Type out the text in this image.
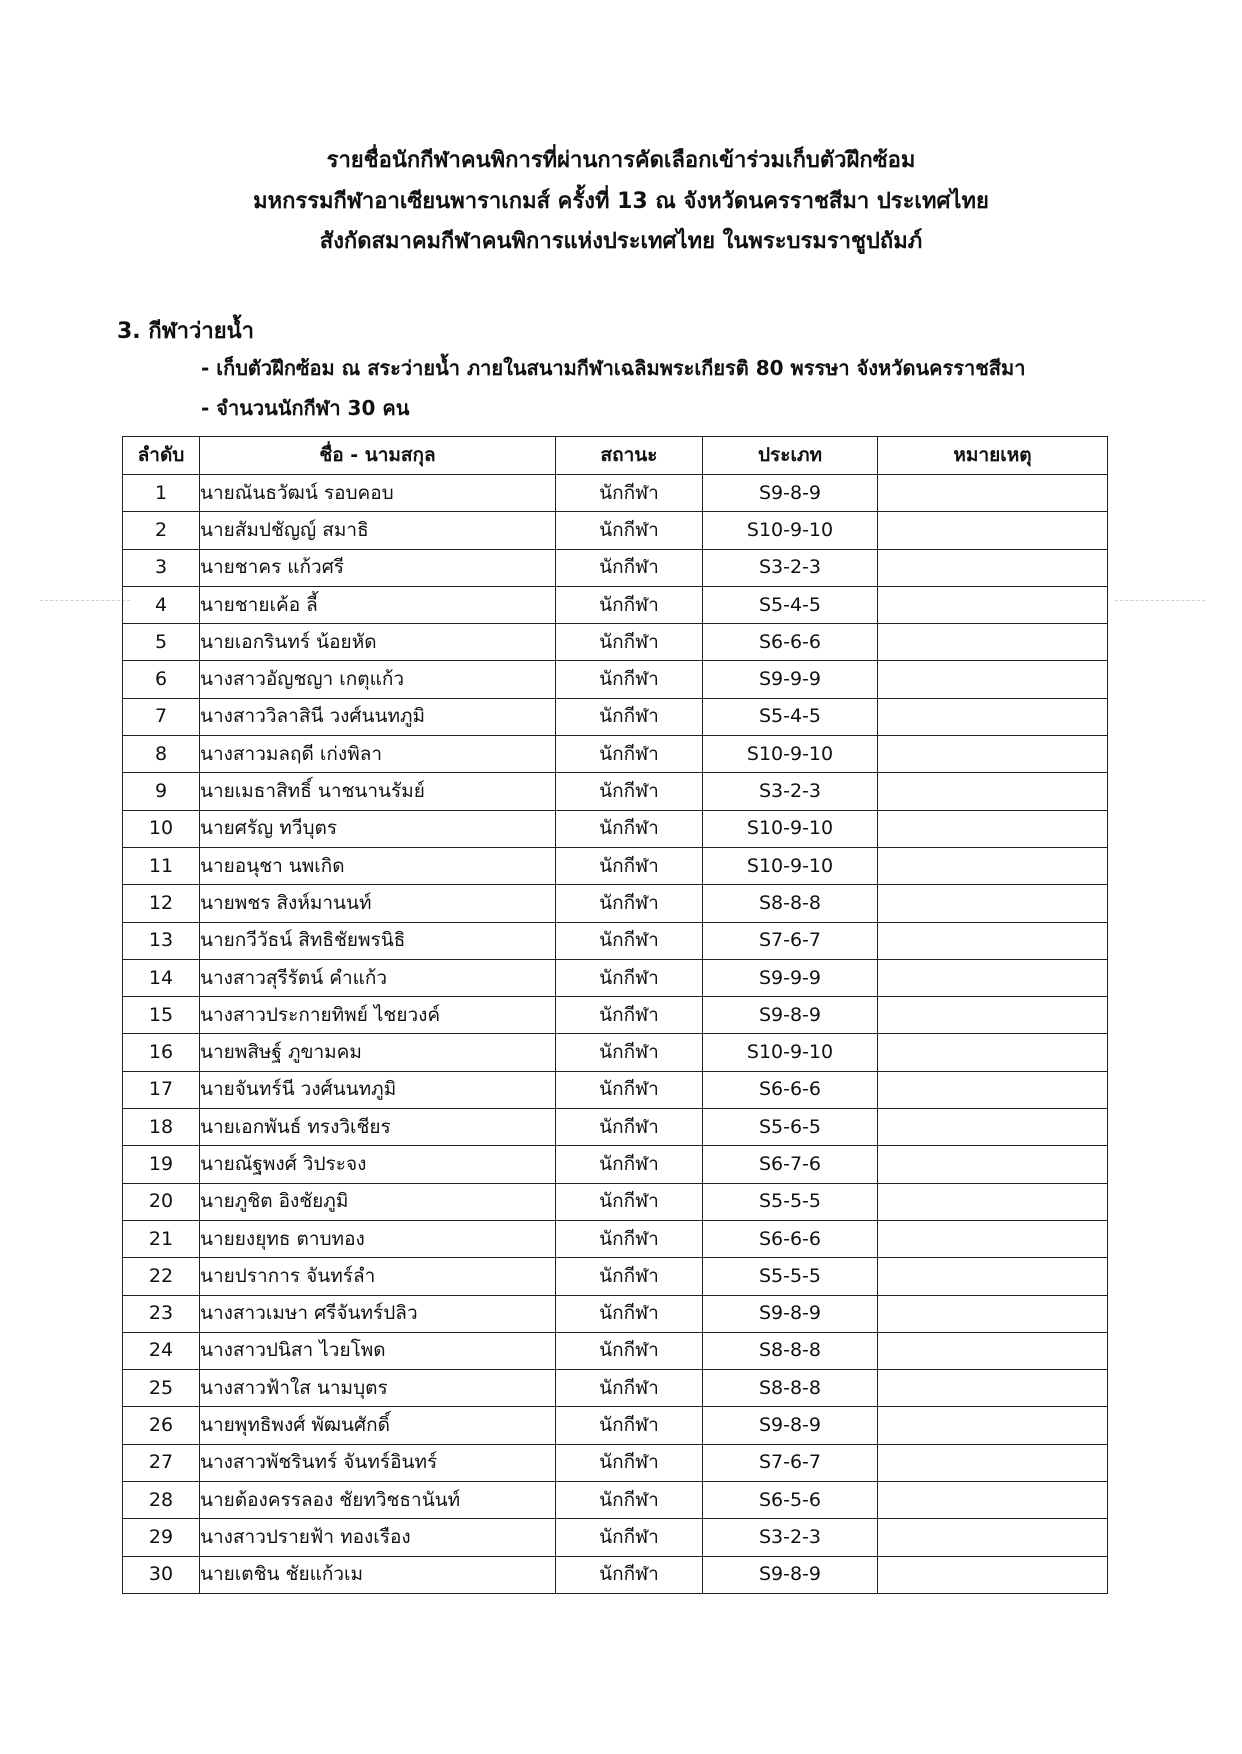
รายชื่อนักกีฬาคนพิการที่ผ่านการคัดเลือกเข้าร่วมเก็บตัวฝึกซ้อม
มหกรรมกีฬาอาเซียนพาราเกมส์ ครั้งที่ 13 ณ จังหวัดนครราชสีมา ประเทศไทย
สังกัดสมาคมกีฬาคนพิการแห่งประเทศไทย ในพระบรมราชูปถัมภ์
3. กีฬาว่ายน้ำ
- เก็บตัวฝึกซ้อม ณ สระว่ายน้ำ ภายในสนามกีฬาเฉลิมพระเกียรติ 80 พรรษา จังหวัดนครราชสีมา
- จำนวนนักกีฬา 30 คน
ลำดับ	ชื่อ - นามสกุล	สถานะ	ประเภท	หมายเหตุ
1	นายณันธวัฒน์ รอบคอบ	นักกีฬา	S9-8-9	
2	นายสัมปชัญญ์ สมาธิ	นักกีฬา	S10-9-10	
3	นายชาคร แก้วศรี	นักกีฬา	S3-2-3	
4	นายชายเค้อ ลี้	นักกีฬา	S5-4-5	
5	นายเอกรินทร์ น้อยหัด	นักกีฬา	S6-6-6	
6	นางสาวอัญชญา เกตุแก้ว	นักกีฬา	S9-9-9	
7	นางสาววิลาสินี วงศ์นนทภูมิ	นักกีฬา	S5-4-5	
8	นางสาวมลฤดี เก่งพิลา	นักกีฬา	S10-9-10	
9	นายเมธาสิทธิ์ นาชนานรัมย์	นักกีฬา	S3-2-3	
10	นายศรัญ ทวีบุตร	นักกีฬา	S10-9-10	
11	นายอนุชา นพเกิด	นักกีฬา	S10-9-10	
12	นายพชร สิงห์มานนท์	นักกีฬา	S8-8-8	
13	นายกวีวัธน์ สิทธิชัยพรนิธิ	นักกีฬา	S7-6-7	
14	นางสาวสุรีรัตน์ คำแก้ว	นักกีฬา	S9-9-9	
15	นางสาวประกายทิพย์ ไชยวงค์	นักกีฬา	S9-8-9	
16	นายพสิษฐ์ ภูขามคม	นักกีฬา	S10-9-10	
17	นายจันทร์นี วงศ์นนทภูมิ	นักกีฬา	S6-6-6	
18	นายเอกพันธ์ ทรงวิเชียร	นักกีฬา	S5-6-5	
19	นายณัฐพงศ์ วิประจง	นักกีฬา	S6-7-6	
20	นายภูชิต อิงชัยภูมิ	นักกีฬา	S5-5-5	
21	นายยงยุทธ ตาบทอง	นักกีฬา	S6-6-6	
22	นายปราการ จันทร์ลำ	นักกีฬา	S5-5-5	
23	นางสาวเมษา ศรีจันทร์ปลิว	นักกีฬา	S9-8-9	
24	นางสาวปนิสา ไวยโพด	นักกีฬา	S8-8-8	
25	นางสาวฟ้าใส นามบุตร	นักกีฬา	S8-8-8	
26	นายพุทธิพงศ์ พัฒนศักดิ์	นักกีฬา	S9-8-9	
27	นางสาวพัชรินทร์ จันทร์อินทร์	นักกีฬา	S7-6-7	
28	นายต้องครรลอง ชัยทวิชธานันท์	นักกีฬา	S6-5-6	
29	นางสาวปรายฟ้า ทองเรือง	นักกีฬา	S3-2-3	
30	นายเตชิน ชัยแก้วเม	นักกีฬา	S9-8-9	
